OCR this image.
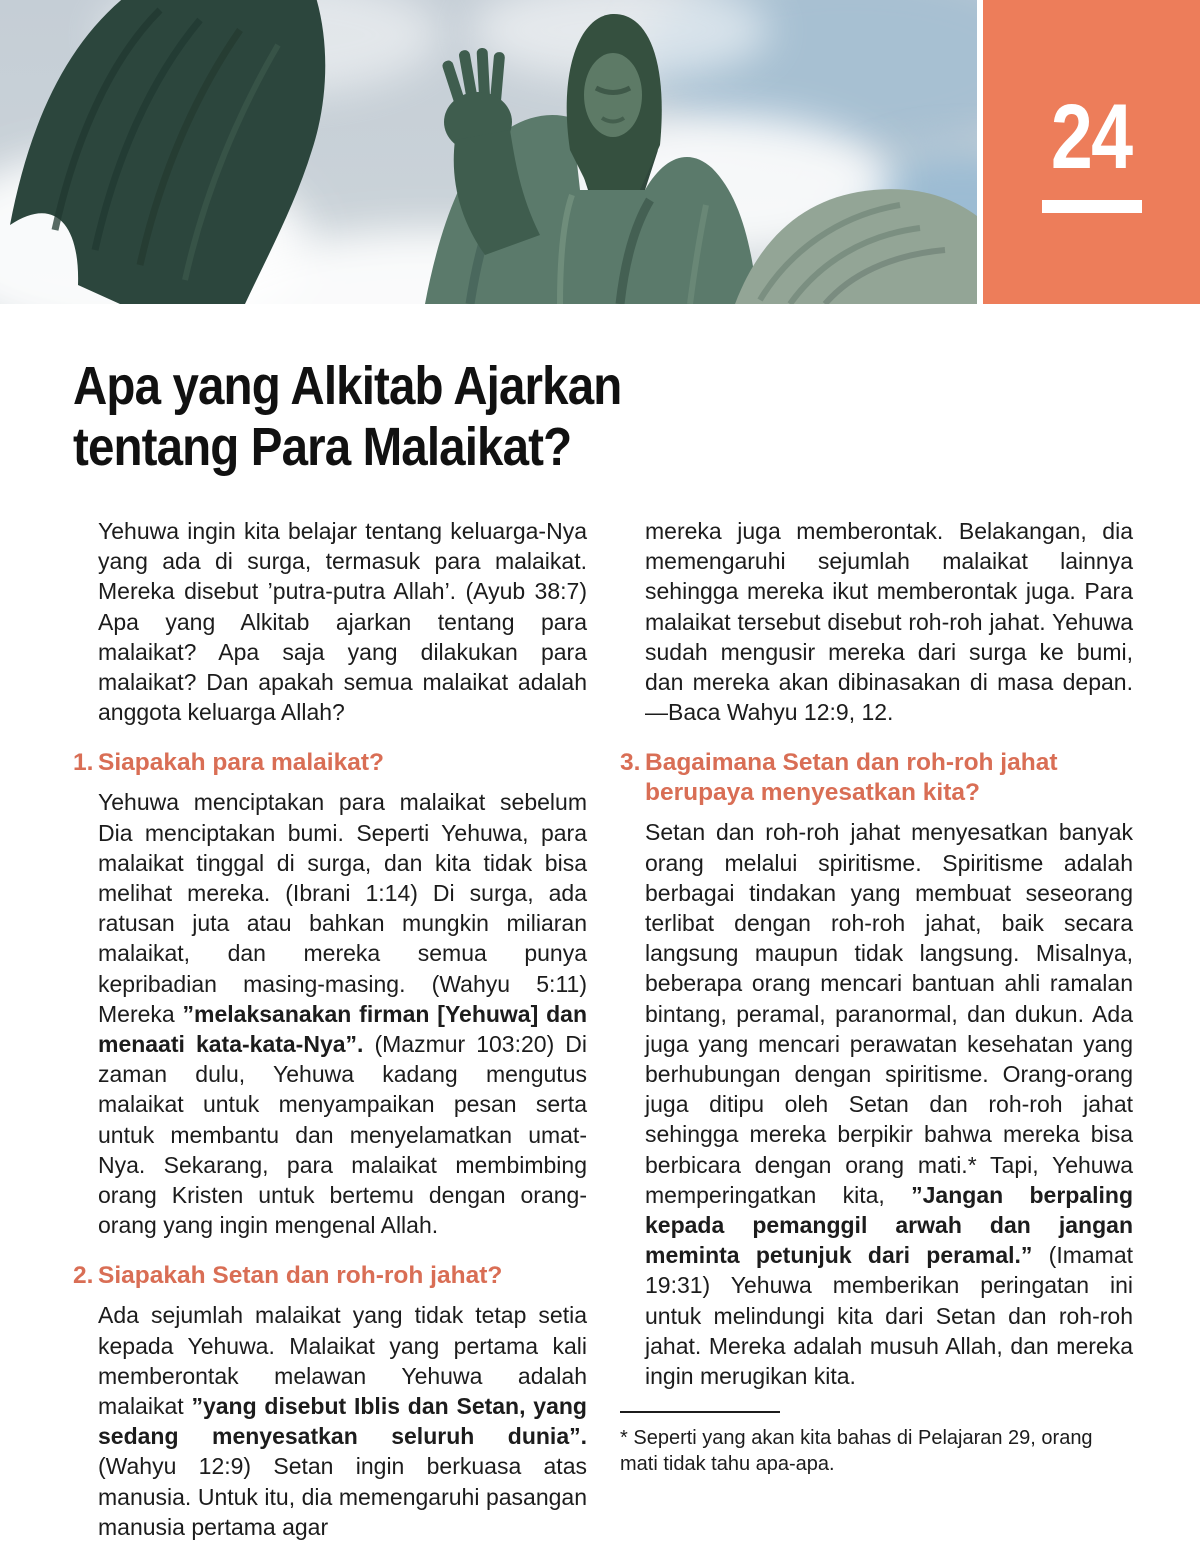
24
Apa yang Alkitab Ajarkan
tentang Para Malaikat?

Yehuwa ingin kita belajar tentang keluarga-Nya yang ada di surga, termasuk para malaikat. Mereka disebut ’putra-putra Allah’. (Ayub 38:7) Apa yang Alkitab ajarkan tentang para malaikat? Apa saja yang dilakukan para malaikat? Dan apakah semua malaikat adalah anggota keluarga Allah?

1. Siapakah para malaikat?

Yehuwa menciptakan para malaikat sebelum Dia menciptakan bumi. Seperti Yehuwa, para malaikat tinggal di surga, dan kita tidak bisa melihat mereka. (Ibrani 1:14) Di surga, ada ratusan juta atau bahkan mungkin miliaran malaikat, dan mereka semua punya kepribadian masing-masing. (Wahyu 5:11) Mereka ”melaksanakan firman [Yehuwa] dan menaati kata-kata-Nya”. (Mazmur 103:20) Di zaman dulu, Yehuwa kadang mengutus malaikat untuk menyampaikan pesan serta untuk membantu dan menyelamatkan umat-Nya. Sekarang, para malaikat membimbing orang Kristen untuk bertemu dengan orang-orang yang ingin mengenal Allah.

2. Siapakah Setan dan roh-roh jahat?

Ada sejumlah malaikat yang tidak tetap setia kepada Yehuwa. Malaikat yang pertama kali memberontak melawan Yehuwa adalah malaikat ”yang disebut Iblis dan Setan, yang sedang menyesatkan seluruh dunia”. (Wahyu 12:9) Setan ingin berkuasa atas manusia. Untuk itu, dia memengaruhi pasangan manusia pertama agar

mereka juga memberontak. Belakangan, dia memengaruhi sejumlah malaikat lainnya sehingga mereka ikut memberontak juga. Para malaikat tersebut disebut roh-roh jahat. Yehuwa sudah mengusir mereka dari surga ke bumi, dan mereka akan dibinasakan di masa depan.—Baca Wahyu 12:9, 12.

3. Bagaimana Setan dan roh-roh jahat berupaya menyesatkan kita?

Setan dan roh-roh jahat menyesatkan banyak orang melalui spiritisme. Spiritisme adalah berbagai tindakan yang membuat seseorang terlibat dengan roh-roh jahat, baik secara langsung maupun tidak langsung. Misalnya, beberapa orang mencari bantuan ahli ramalan bintang, peramal, paranormal, dan dukun. Ada juga yang mencari perawatan kesehatan yang berhubungan dengan spiritisme. Orang-orang juga ditipu oleh Setan dan roh-roh jahat sehingga mereka berpikir bahwa mereka bisa berbicara dengan orang mati.* Tapi, Yehuwa memperingatkan kita, ”Jangan berpaling kepada pemanggil arwah dan jangan meminta petunjuk dari peramal.” (Imamat 19:31) Yehuwa memberikan peringatan ini untuk melindungi kita dari Setan dan roh-roh jahat. Mereka adalah musuh Allah, dan mereka ingin merugikan kita.

* Seperti yang akan kita bahas di Pelajaran 29, orang mati tidak tahu apa-apa.
